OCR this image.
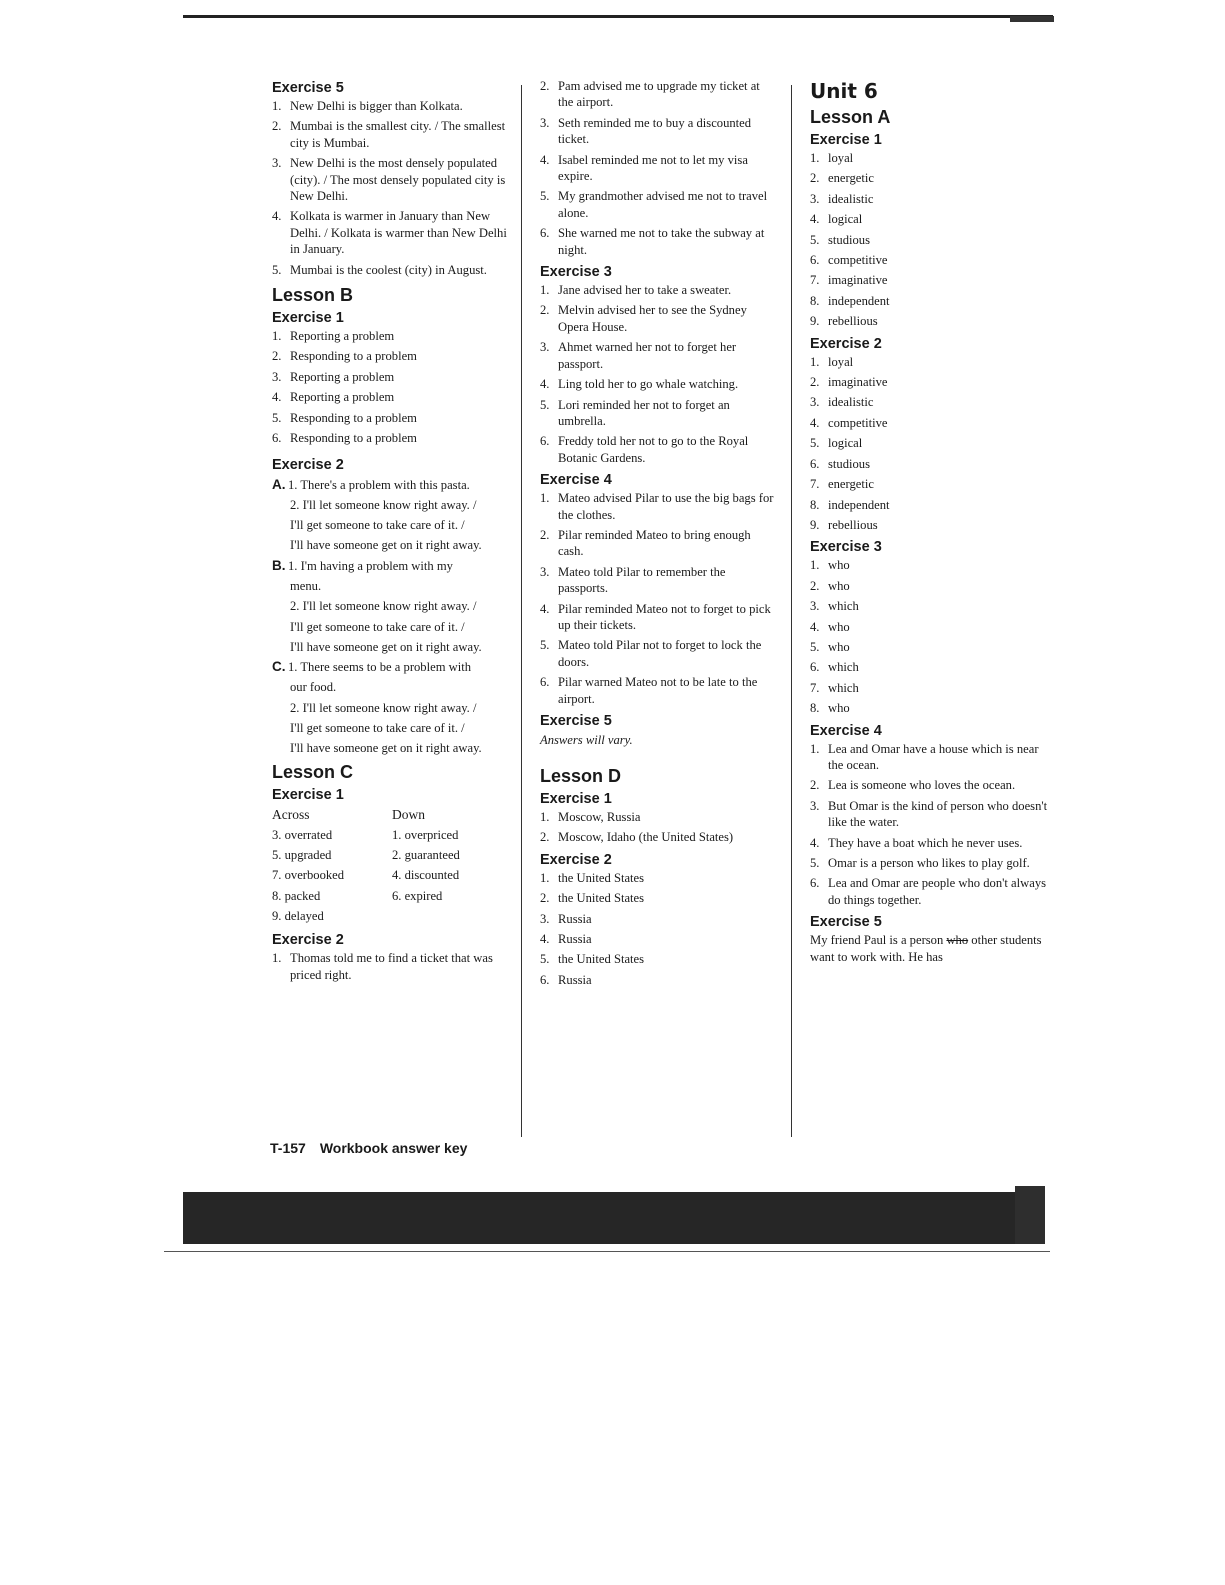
Exercise 5
1. New Delhi is bigger than Kolkata.
2. Mumbai is the smallest city. / The smallest city is Mumbai.
3. New Delhi is the most densely populated (city). / The most densely populated city is New Delhi.
4. Kolkata is warmer in January than New Delhi. / Kolkata is warmer than New Delhi in January.
5. Mumbai is the coolest (city) in August.
Lesson B
Exercise 1
1. Reporting a problem
2. Responding to a problem
3. Reporting a problem
4. Reporting a problem
5. Responding to a problem
6. Responding to a problem
Exercise 2
A. 1. There's a problem with this pasta.
2. I'll let someone know right away. /
I'll get someone to take care of it. /
I'll have someone get on it right away.
B. 1. I'm having a problem with my
menu.
2. I'll let someone know right away. /
I'll get someone to take care of it. /
I'll have someone get on it right away.
C. 1. There seems to be a problem with
our food.
2. I'll let someone know right away. /
I'll get someone to take care of it. /
I'll have someone get on it right away.
Lesson C
Exercise 1
Across
3. overrated
5. upgraded
7. overbooked
8. packed
9. delayed
Down
1. overpriced
2. guaranteed
4. discounted
6. expired
Exercise 2
1. Thomas told me to find a ticket that was priced right.
2. Pam advised me to upgrade my ticket at the airport.
3. Seth reminded me to buy a discounted ticket.
4. Isabel reminded me not to let my visa expire.
5. My grandmother advised me not to travel alone.
6. She warned me not to take the subway at night.
Exercise 3
1. Jane advised her to take a sweater.
2. Melvin advised her to see the Sydney Opera House.
3. Ahmet warned her not to forget her passport.
4. Ling told her to go whale watching.
5. Lori reminded her not to forget an umbrella.
6. Freddy told her not to go to the Royal Botanic Gardens.
Exercise 4
1. Mateo advised Pilar to use the big bags for the clothes.
2. Pilar reminded Mateo to bring enough cash.
3. Mateo told Pilar to remember the passports.
4. Pilar reminded Mateo not to forget to pick up their tickets.
5. Mateo told Pilar not to forget to lock the doors.
6. Pilar warned Mateo not to be late to the airport.
Exercise 5

Answers will vary.

Lesson D
Exercise 1
1. Moscow, Russia
2. Moscow, Idaho (the United States)
Exercise 2
1. the United States
2. the United States
3. Russia
4. Russia
5. the United States
6. Russia
Unit 6
Lesson A
Exercise 1
1. loyal
2. energetic
3. idealistic
4. logical
5. studious
6. competitive
7. imaginative
8. independent
9. rebellious
Exercise 2
1. loyal
2. imaginative
3. idealistic
4. competitive
5. logical
6. studious
7. energetic
8. independent
9. rebellious
Exercise 3
1. who
2. who
3. which
4. who
5. who
6. which
7. which
8. who
Exercise 4
1. Lea and Omar have a house which is near the ocean.
2. Lea is someone who loves the ocean.
3. But Omar is the kind of person who doesn't like the water.
4. They have a boat which he never uses.
5. Omar is a person who likes to play golf.
6. Lea and Omar are people who don't always do things together.
Exercise 5

My friend Paul is a person who other students want to work with. He has

T-157 Workbook answer key
